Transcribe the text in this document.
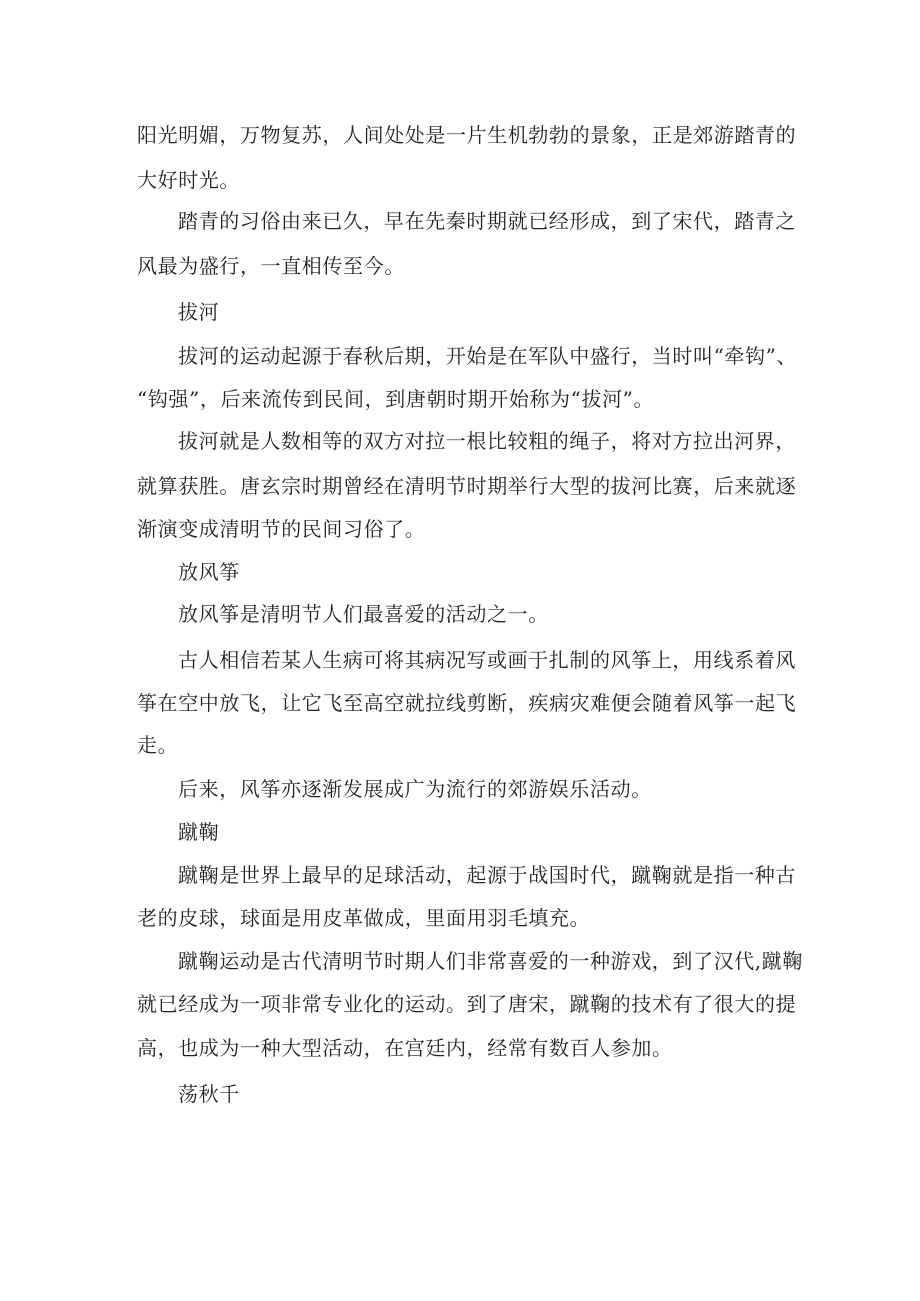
阳光明媚，万物复苏，人间处处是一片生机勃勃的景象，正是郊游踏青的
大好时光。
踏青的习俗由来已久，早在先秦时期就已经形成，到了宋代，踏青之
风最为盛行，一直相传至今。
拔河
拔河的运动起源于春秋后期，开始是在军队中盛行，当时叫“牵钩”、
“钩强”，后来流传到民间，到唐朝时期开始称为“拔河”。
拔河就是人数相等的双方对拉一根比较粗的绳子，将对方拉出河界，
就算获胜。唐玄宗时期曾经在清明节时期举行大型的拔河比赛，后来就逐
渐演变成清明节的民间习俗了。
放风筝
放风筝是清明节人们最喜爱的活动之一。
古人相信若某人生病可将其病况写或画于扎制的风筝上，用线系着风
筝在空中放飞，让它飞至高空就拉线剪断，疾病灾难便会随着风筝一起飞
走。
后来，风筝亦逐渐发展成广为流行的郊游娱乐活动。
蹴鞠
蹴鞠是世界上最早的足球活动，起源于战国时代，蹴鞠就是指一种古
老的皮球，球面是用皮革做成，里面用羽毛填充。
蹴鞠运动是古代清明节时期人们非常喜爱的一种游戏，到了汉代,蹴鞠
就已经成为一项非常专业化的运动。到了唐宋，蹴鞠的技术有了很大的提
高，也成为一种大型活动，在宫廷内，经常有数百人参加。
荡秋千
